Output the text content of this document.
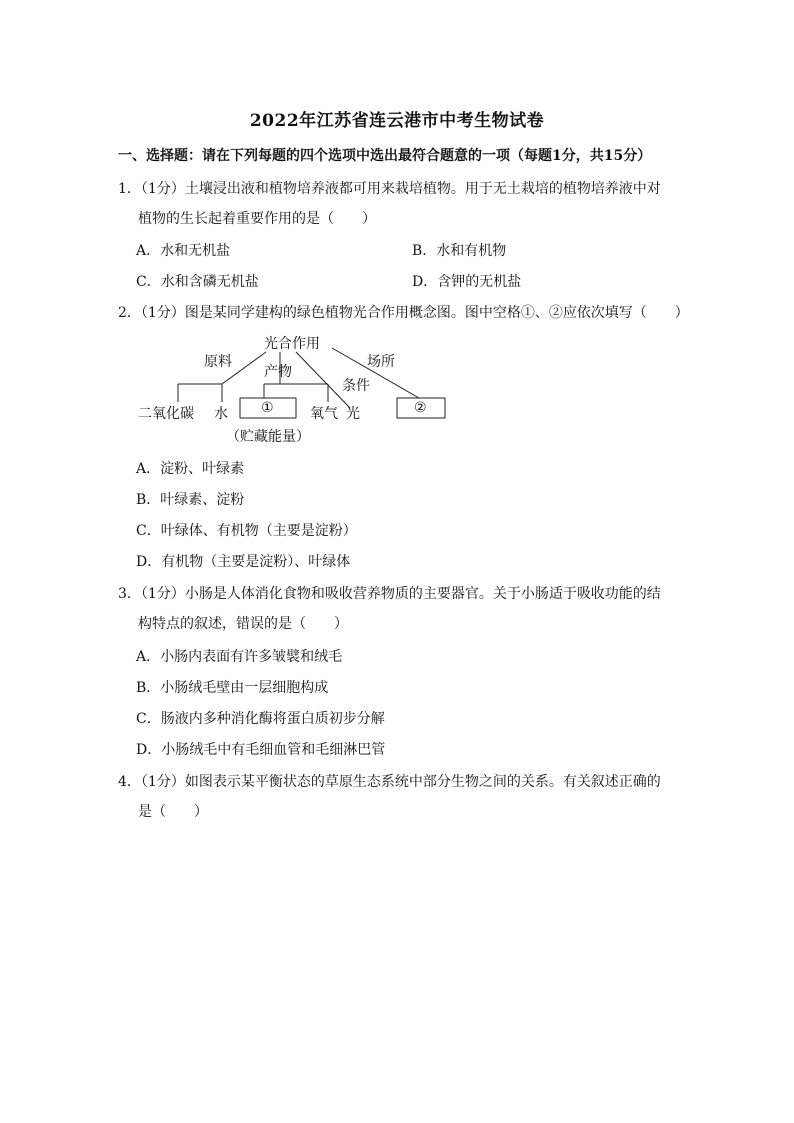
2022年江苏省连云港市中考生物试卷
一、选择题：请在下列每题的四个选项中选出最符合题意的一项（每题1分，共15分）
1．（1分）土壤浸出液和植物培养液都可用来栽培植物。用于无土栽培的植物培养液中对
植物的生长起着重要作用的是（　　）
A．水和无机盐	B．水和有机物
C．水和含磷无机盐	D．含钾的无机盐
2．（1分）图是某同学建构的绿色植物光合作用概念图。图中空格①、②应依次填写（　　）
光合作用
原料
产物
条件
场所
二氧化碳 水 ①	氧气 光	②
（贮藏能量）
A．淀粉、叶绿素
B．叶绿素、淀粉
C．叶绿体、有机物（主要是淀粉）
D．有机物（主要是淀粉）、叶绿体
3．（1分）小肠是人体消化食物和吸收营养物质的主要器官。关于小肠适于吸收功能的结
构特点的叙述，错误的是（　　）
A．小肠内表面有许多皱襞和绒毛
B．小肠绒毛壁由一层细胞构成
C．肠液内多种消化酶将蛋白质初步分解
D．小肠绒毛中有毛细血管和毛细淋巴管
4．（1分）如图表示某平衡状态的草原生态系统中部分生物之间的关系。有关叙述正确的
是（　　）
